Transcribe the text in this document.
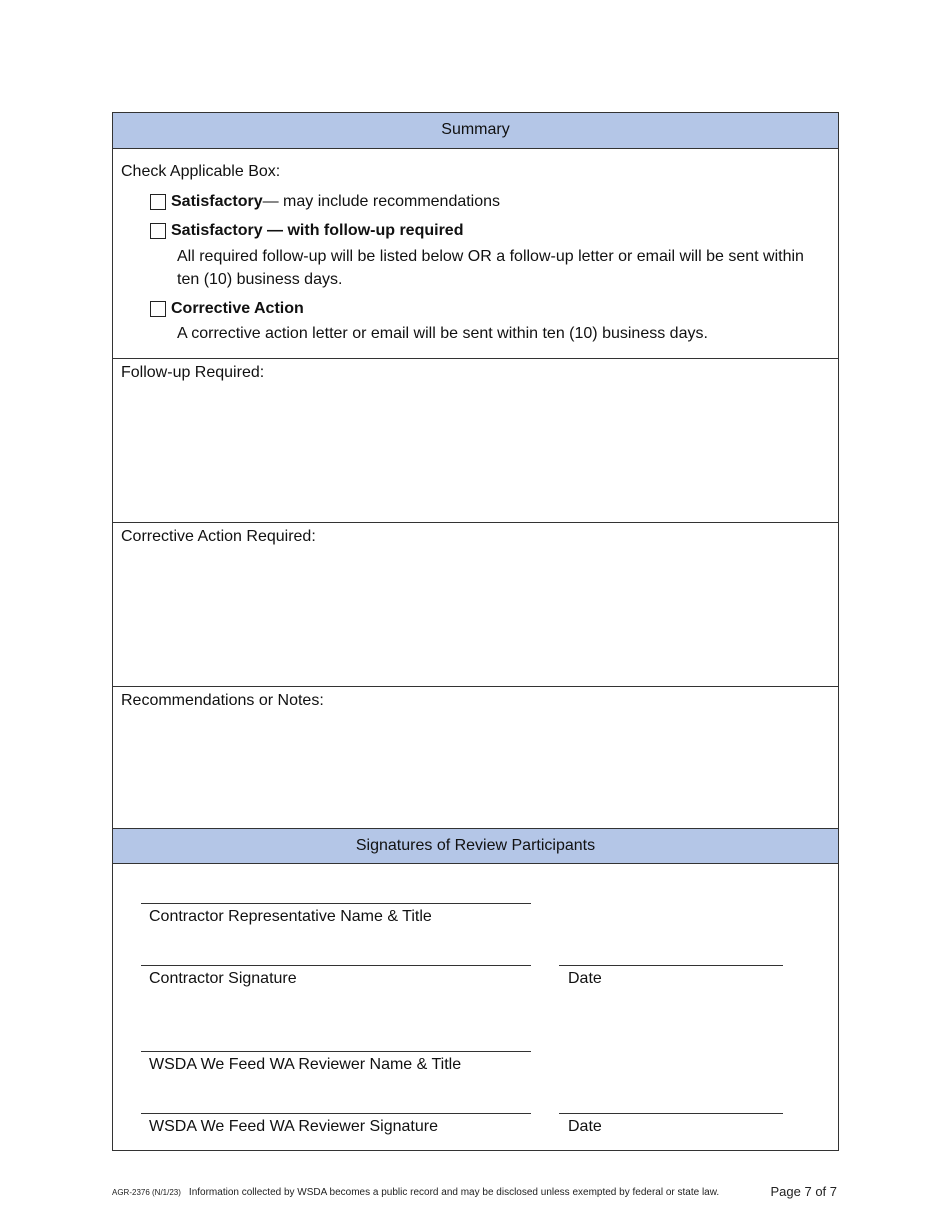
Summary
Check Applicable Box:
Satisfactory — may include recommendations
Satisfactory — with follow-up required
All required follow-up will be listed below OR a follow-up letter or email will be sent within ten (10) business days.
Corrective Action
A corrective action letter or email will be sent within ten (10) business days.
Follow-up Required:
Corrective Action Required:
Recommendations or Notes:
Signatures of Review Participants
Contractor Representative Name & Title
Contractor Signature	Date
WSDA We Feed WA Reviewer Name & Title
WSDA We Feed WA Reviewer Signature	Date
AGR-2376 (N/1/23) Information collected by WSDA becomes a public record and may be disclosed unless exempted by federal or state law.	Page 7 of 7
